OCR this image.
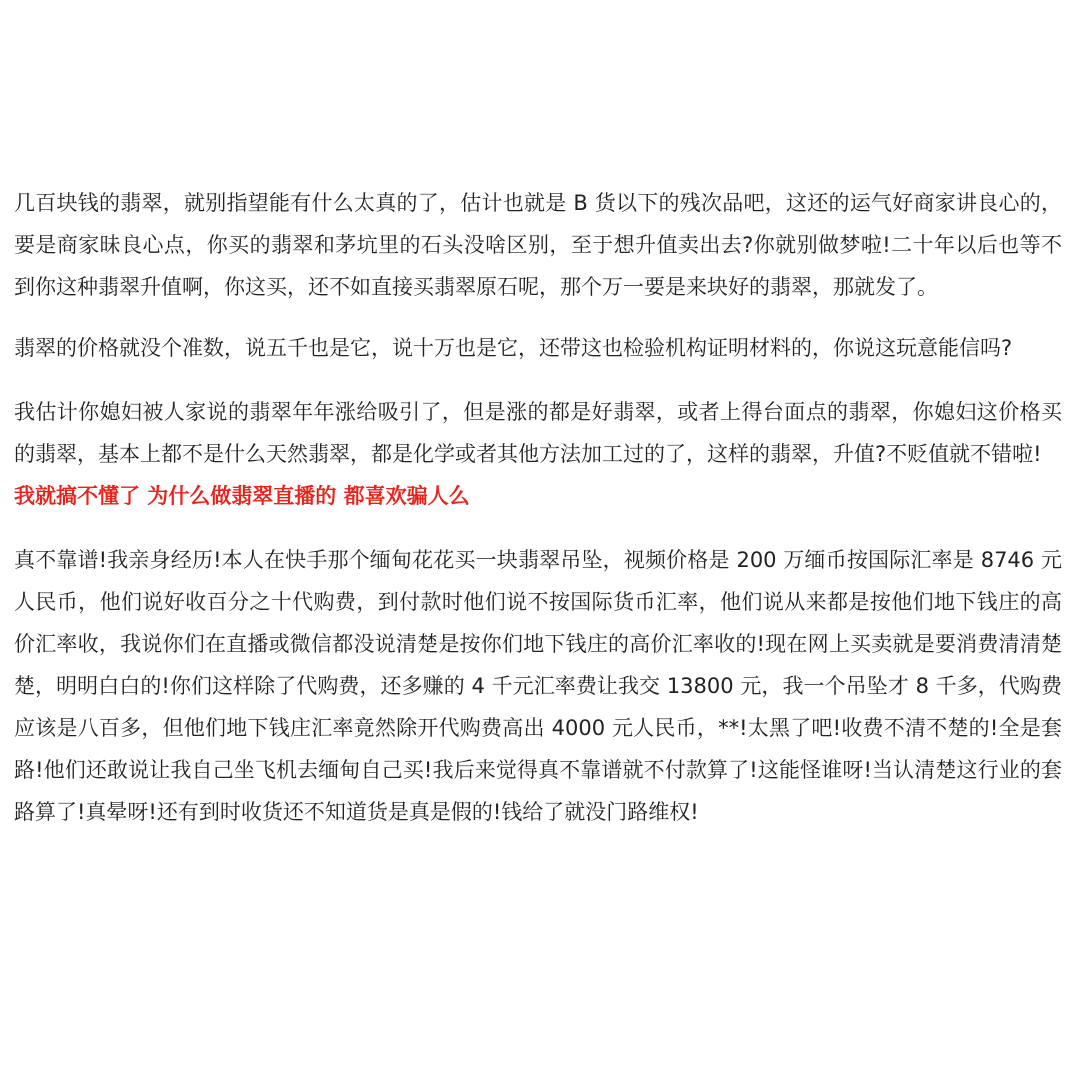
几百块钱的翡翠，就别指望能有什么太真的了，估计也就是 B 货以下的残次品吧，这还的运气好商家讲良心的，要是商家昧良心点，你买的翡翠和茅坑里的石头没啥区别，至于想升值卖出去?你就别做梦啦!二十年以后也等不到你这种翡翠升值啊，你这买，还不如直接买翡翠原石呢，那个万一要是来块好的翡翠，那就发了。

翡翠的价格就没个准数，说五千也是它，说十万也是它，还带这也检验机构证明材料的，你说这玩意能信吗?

我估计你媳妇被人家说的翡翠年年涨给吸引了，但是涨的都是好翡翠，或者上得台面点的翡翠，你媳妇这价格买的翡翠，基本上都不是什么天然翡翠，都是化学或者其他方法加工过的了，这样的翡翠，升值?不贬值就不错啦!

我就搞不懂了 为什么做翡翠直播的 都喜欢骗人么

真不靠谱!我亲身经历!本人在快手那个缅甸花花买一块翡翠吊坠，视频价格是 200 万缅币按国际汇率是 8746 元人民币，他们说好收百分之十代购费，到付款时他们说不按国际货币汇率，他们说从来都是按他们地下钱庄的高价汇率收，我说你们在直播或微信都没说清楚是按你们地下钱庄的高价汇率收的!现在网上买卖就是要消费清清楚楚，明明白白的!你们这样除了代购费，还多赚的 4 千元汇率费让我交 13800 元，我一个吊坠才 8 千多，代购费应该是八百多，但他们地下钱庄汇率竟然除开代购费高出 4000 元人民币，**!太黑了吧!收费不清不楚的!全是套路!他们还敢说让我自己坐飞机去缅甸自己买!我后来觉得真不靠谱就不付款算了!这能怪谁呀!当认清楚这行业的套路算了!真晕呀!还有到时收货还不知道货是真是假的!钱给了就没门路维权!
